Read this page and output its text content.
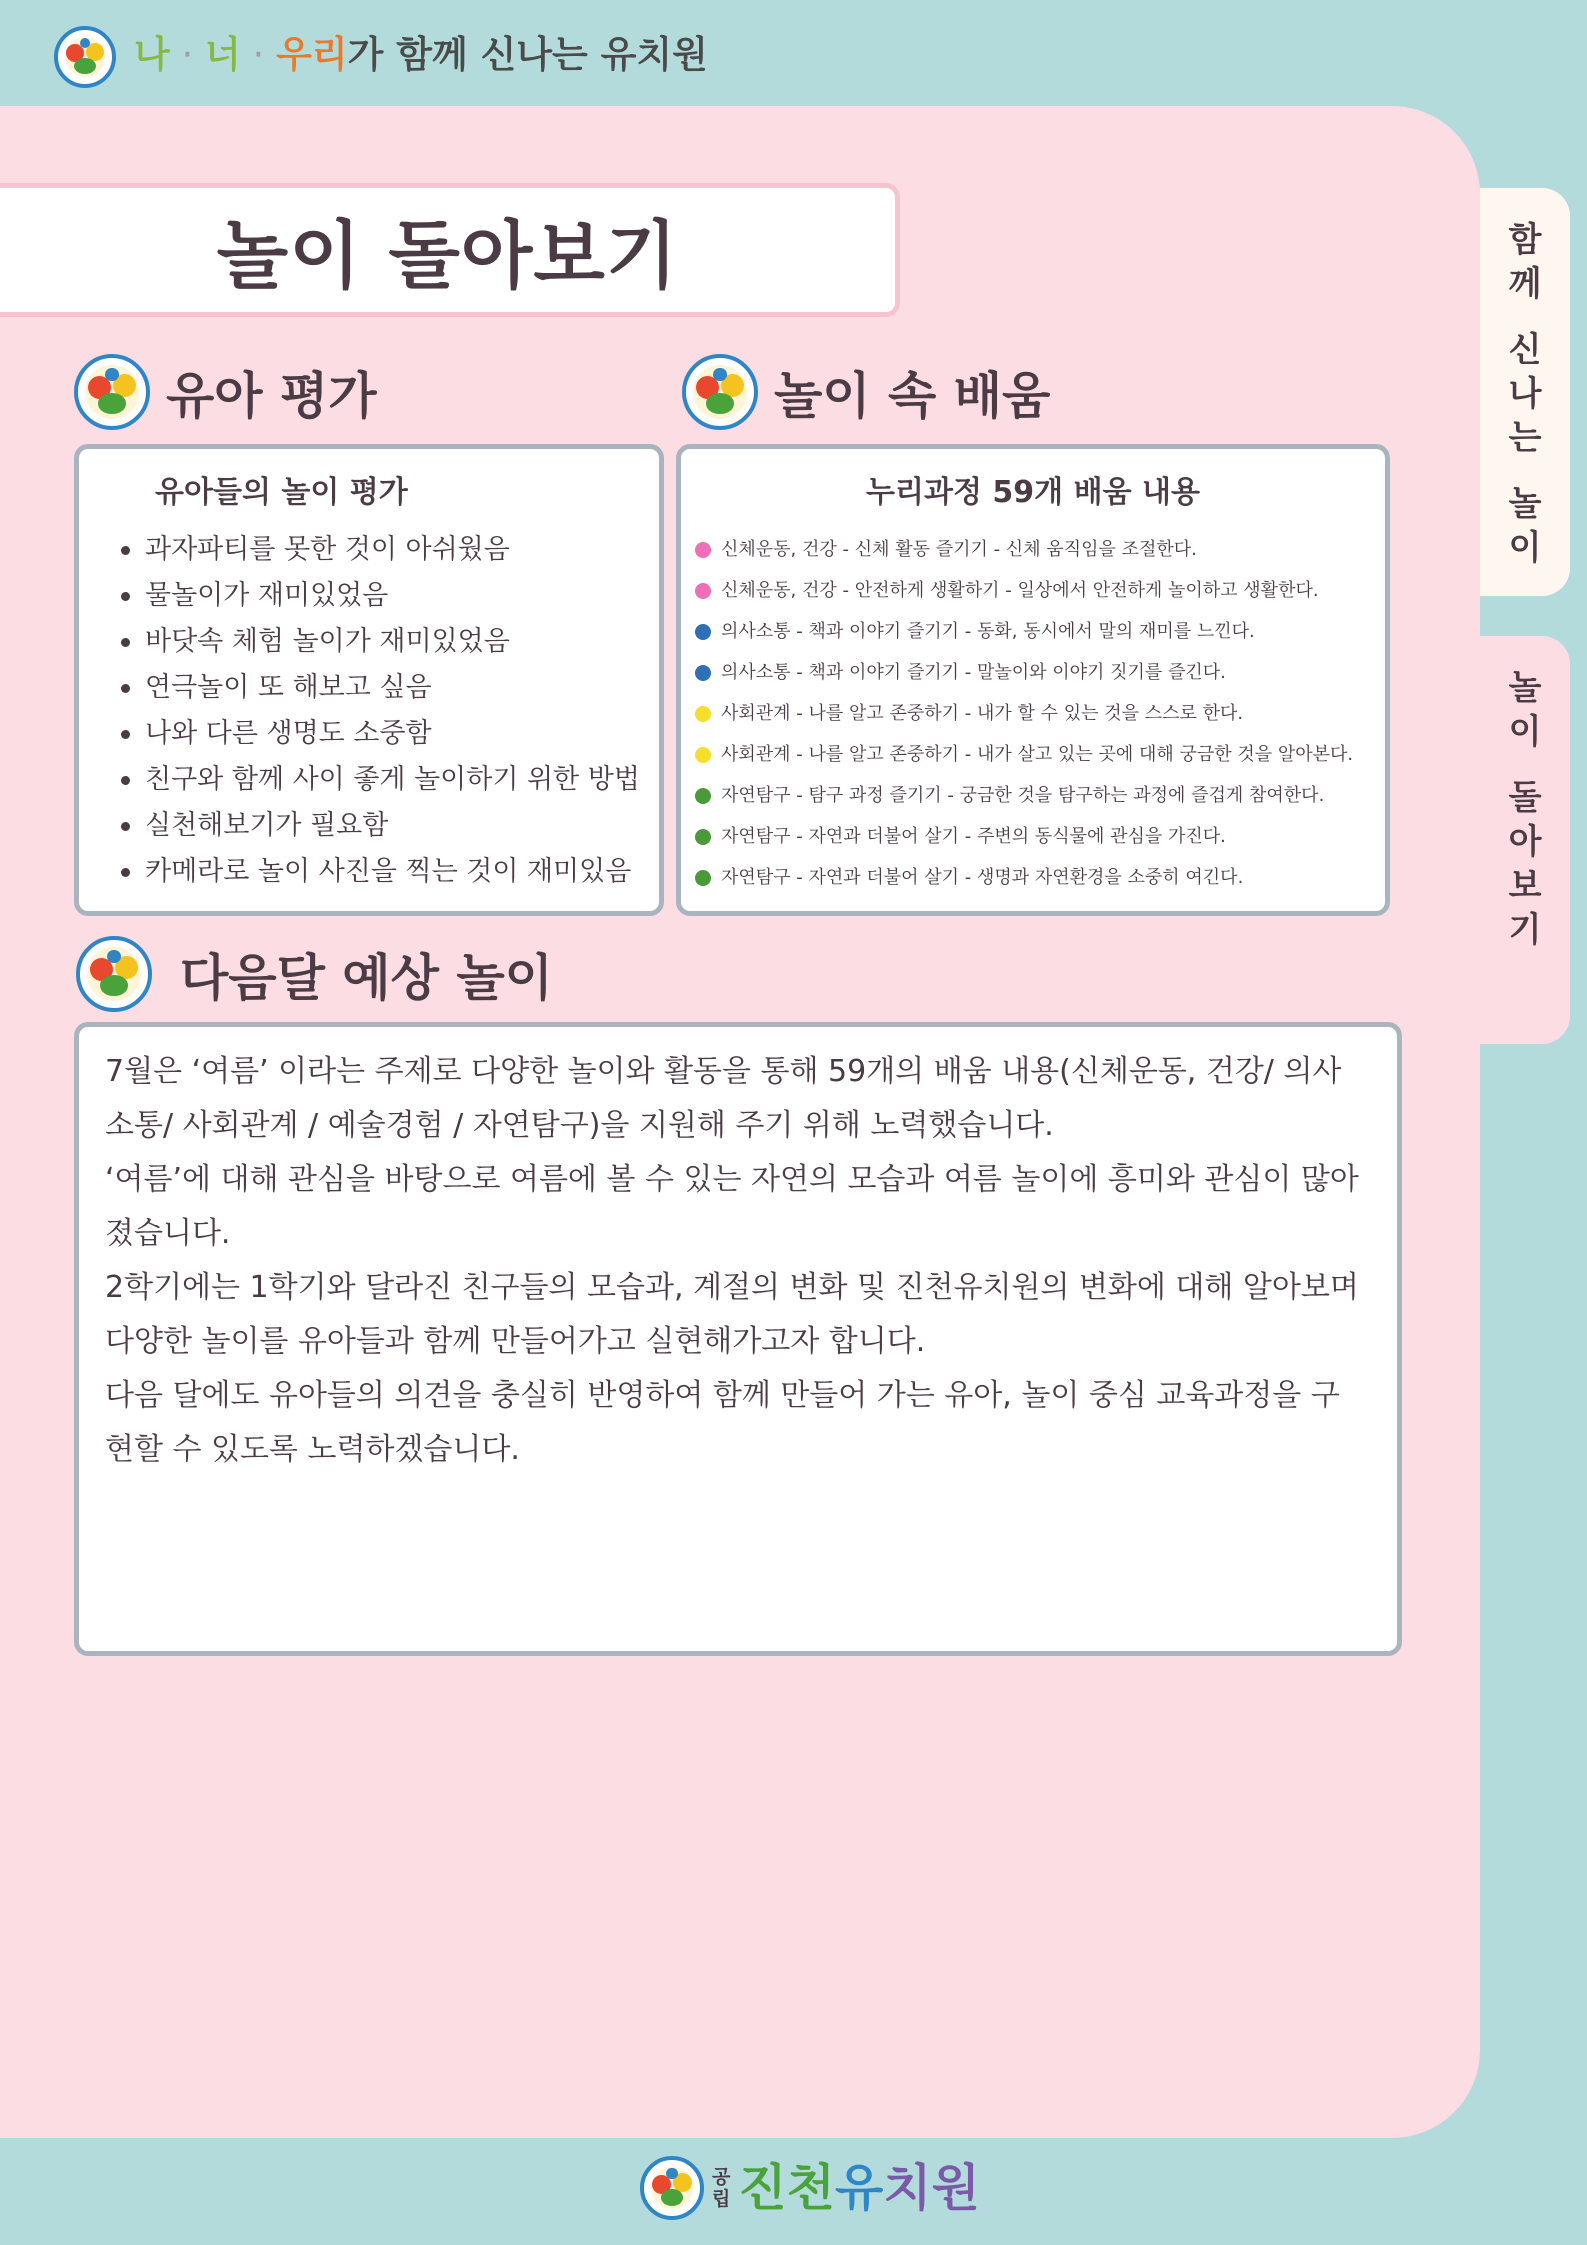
나 · 너 · 우리가 함께 신나는 유치원
함
께
신
나
는
놀
이
놀
이
돌
아
보
기
놀이 돌아보기
유아 평가	놀이 속 배움
유아들의 놀이 평가
과자파티를 못한 것이 아쉬웠음
물놀이가 재미있었음
바닷속 체험 놀이가 재미있었음
연극놀이 또 해보고 싶음
나와 다른 생명도 소중함
친구와 함께 사이 좋게 놀이하기 위한 방법
실천해보기가 필요함
카메라로 놀이 사진을 찍는 것이 재미있음
누리과정 59개 배움 내용
신체운동, 건강 - 신체 활동 즐기기 - 신체 움직임을 조절한다.
신체운동, 건강 - 안전하게 생활하기 - 일상에서 안전하게 놀이하고 생활한다.
의사소통 - 책과 이야기 즐기기 - 동화, 동시에서 말의 재미를 느낀다.
의사소통 - 책과 이야기 즐기기 - 말놀이와 이야기 짓기를 즐긴다.
사회관계 - 나를 알고 존중하기 - 내가 할 수 있는 것을 스스로 한다.
사회관계 - 나를 알고 존중하기 - 내가 살고 있는 곳에 대해 궁금한 것을 알아본다.
자연탐구 - 탐구 과정 즐기기 - 궁금한 것을 탐구하는 과정에 즐겁게 참여한다.
자연탐구 - 자연과 더불어 살기 - 주변의 동식물에 관심을 가진다.
자연탐구 - 자연과 더불어 살기 - 생명과 자연환경을 소중히 여긴다.
다음달 예상 놀이

7월은 ‘여름’ 이라는 주제로 다양한 놀이와 활동을 통해 59개의 배움 내용(신체운동, 건강/ 의사

소통/ 사회관계 / 예술경험 / 자연탐구)을 지원해 주기 위해 노력했습니다.

‘여름’에 대해 관심을 바탕으로 여름에 볼 수 있는 자연의 모습과 여름 놀이에 흥미와 관심이 많아

졌습니다.

2학기에는 1학기와 달라진 친구들의 모습과, 계절의 변화 및 진천유치원의 변화에 대해 알아보며

다양한 놀이를 유아들과 함께 만들어가고 실현해가고자 합니다.

다음 달에도 유아들의 의견을 충실히 반영하여 함께 만들어 가는 유아, 놀이 중심 교육과정을 구

현할 수 있도록 노력하겠습니다.

공
립 진천유치원
